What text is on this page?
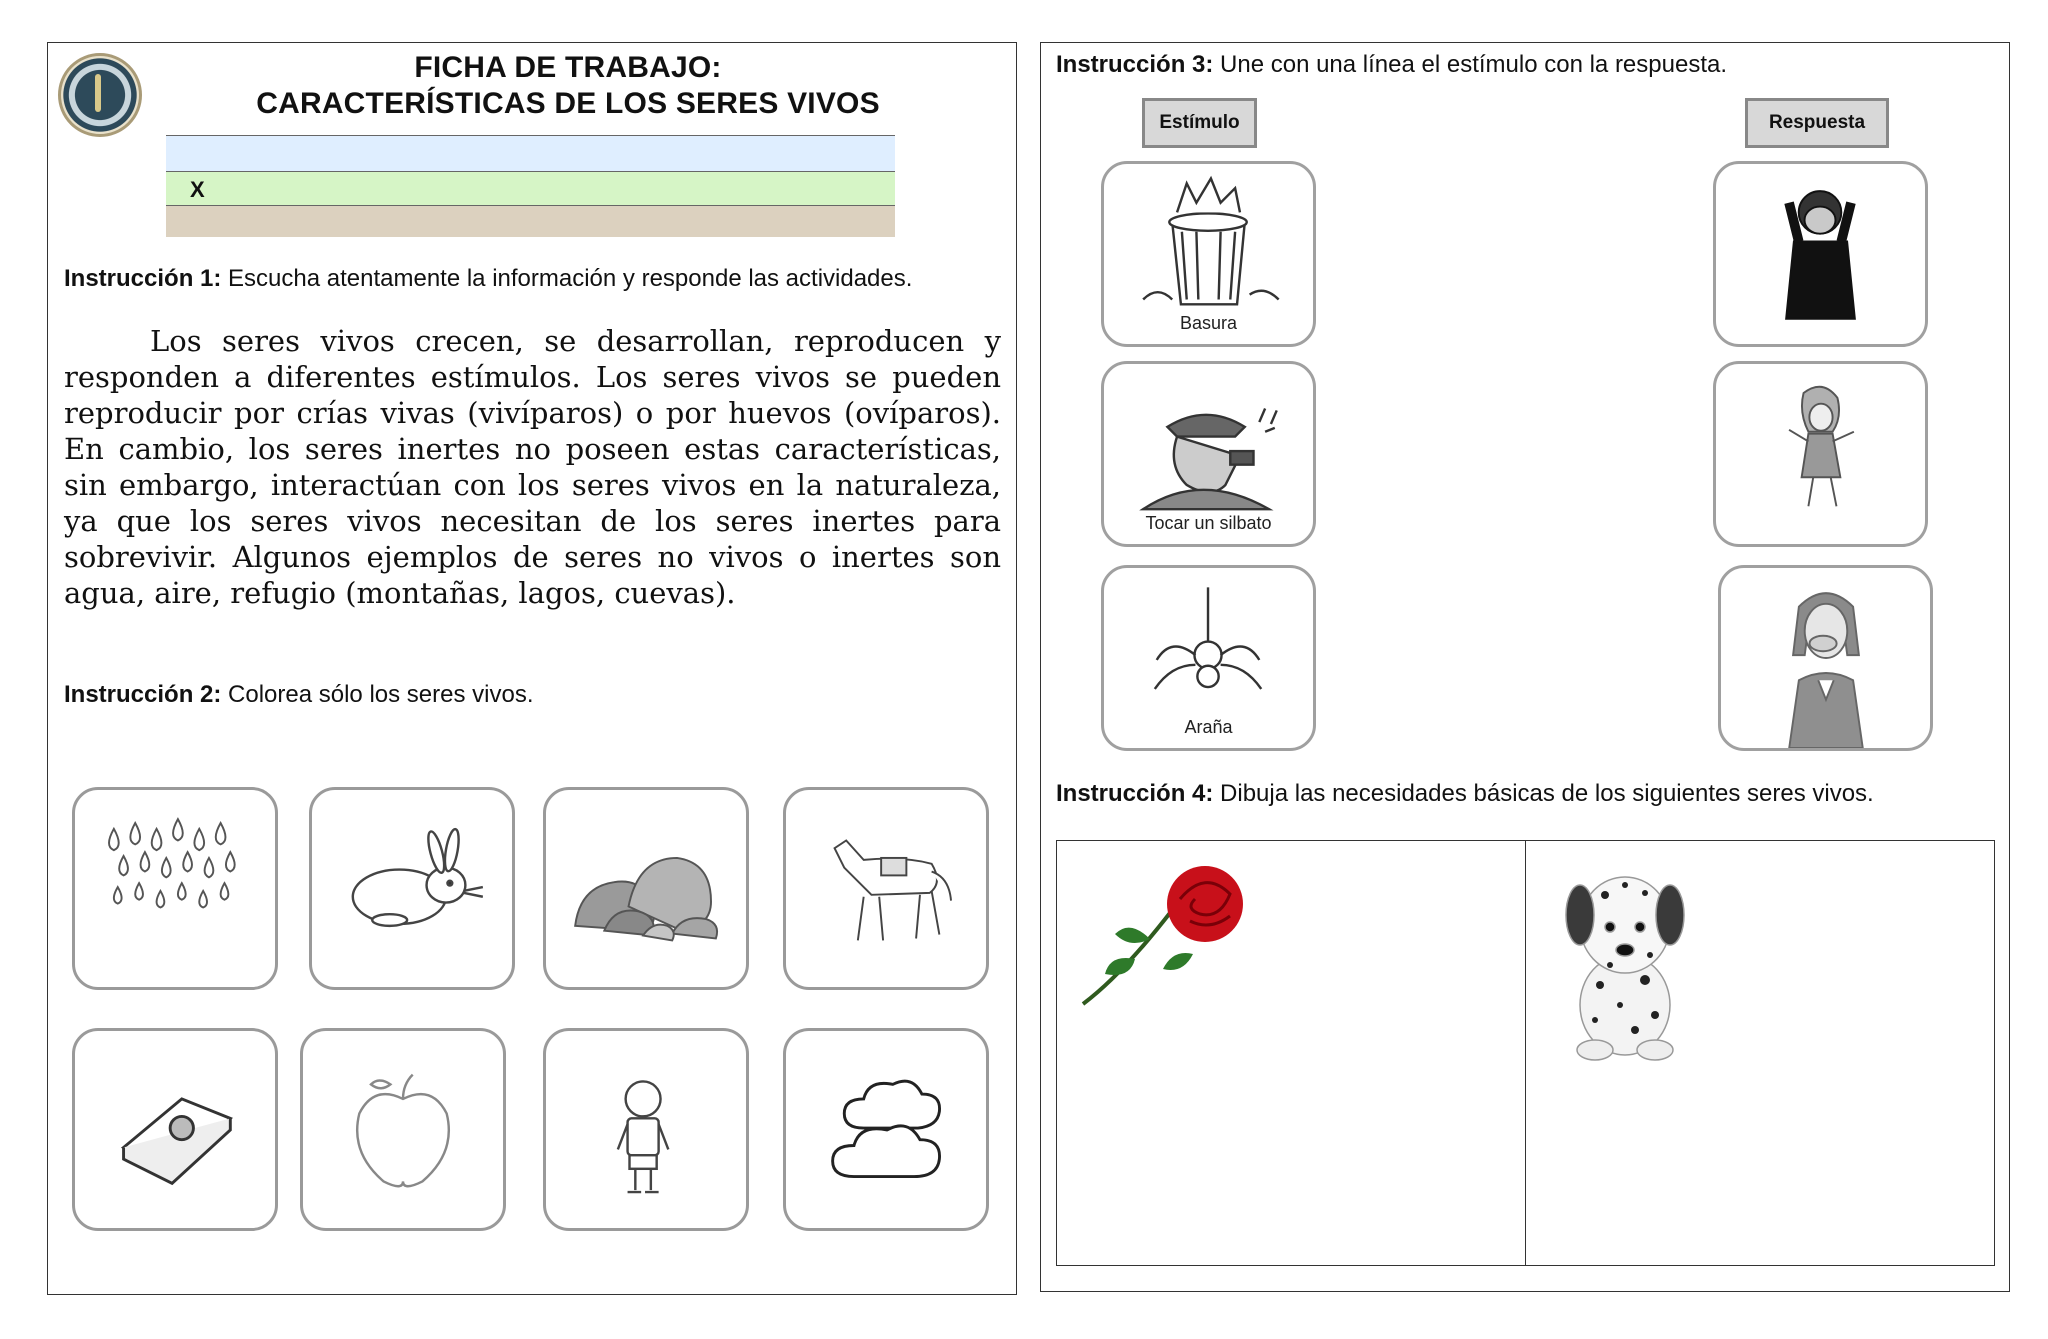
FICHA DE TRABAJO:
CARACTERÍSTICAS DE LOS SERES VIVOS
X
Instrucción 1: Escucha atentamente la información y responde las actividades.
Los seres vivos crecen, se desarrollan, reproducen y responden a diferentes estímulos. Los seres vivos se pueden reproducir por crías vivas (vivíparos) o por huevos (ovíparos). En cambio, los seres inertes no poseen estas características, sin embargo, interactúan con los seres vivos en la naturaleza, ya que los seres vivos necesitan de los seres inertes para sobrevivir. Algunos ejemplos de seres no vivos o inertes son agua, aire, refugio (montañas, lagos, cuevas).
Instrucción 2: Colorea sólo los seres vivos.
Instrucción 3: Une con una línea el estímulo con la respuesta.
Estímulo	Respuesta
Basura
Tocar un silbato
Araña
Instrucción 4: Dibuja las necesidades básicas de los siguientes seres vivos.
